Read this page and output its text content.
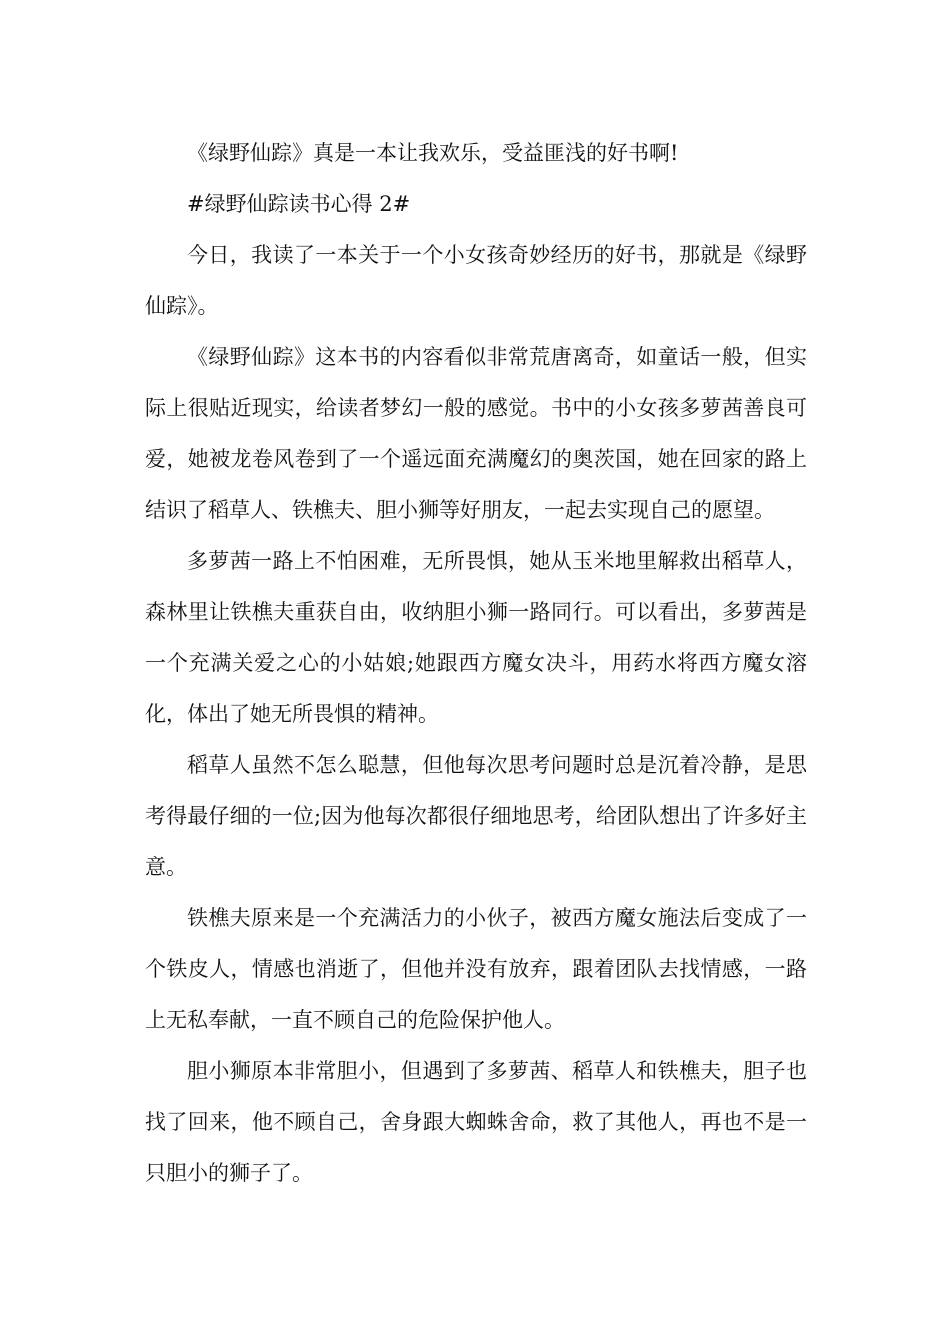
《绿野仙踪》真是一本让我欢乐，受益匪浅的好书啊!

#绿野仙踪读书心得 2#

今日，我读了一本关于一个小女孩奇妙经历的好书，那就是《绿野仙踪》。

《绿野仙踪》这本书的内容看似非常荒唐离奇，如童话一般，但实际上很贴近现实，给读者梦幻一般的感觉。书中的小女孩多萝茜善良可爱，她被龙卷风卷到了一个遥远面充满魔幻的奥茨国，她在回家的路上结识了稻草人、铁樵夫、胆小狮等好朋友，一起去实现自己的愿望。

多萝茜一路上不怕困难，无所畏惧，她从玉米地里解救出稻草人，森林里让铁樵夫重获自由，收纳胆小狮一路同行。可以看出，多萝茜是一个充满关爱之心的小姑娘;她跟西方魔女决斗，用药水将西方魔女溶化，体出了她无所畏惧的精神。

稻草人虽然不怎么聪慧，但他每次思考问题时总是沉着冷静，是思考得最仔细的一位;因为他每次都很仔细地思考，给团队想出了许多好主意。

铁樵夫原来是一个充满活力的小伙子，被西方魔女施法后变成了一个铁皮人，情感也消逝了，但他并没有放弃，跟着团队去找情感，一路上无私奉献，一直不顾自己的危险保护他人。

胆小狮原本非常胆小，但遇到了多萝茜、稻草人和铁樵夫，胆子也找了回来，他不顾自己，舍身跟大蜘蛛舍命，救了其他人，再也不是一只胆小的狮子了。
